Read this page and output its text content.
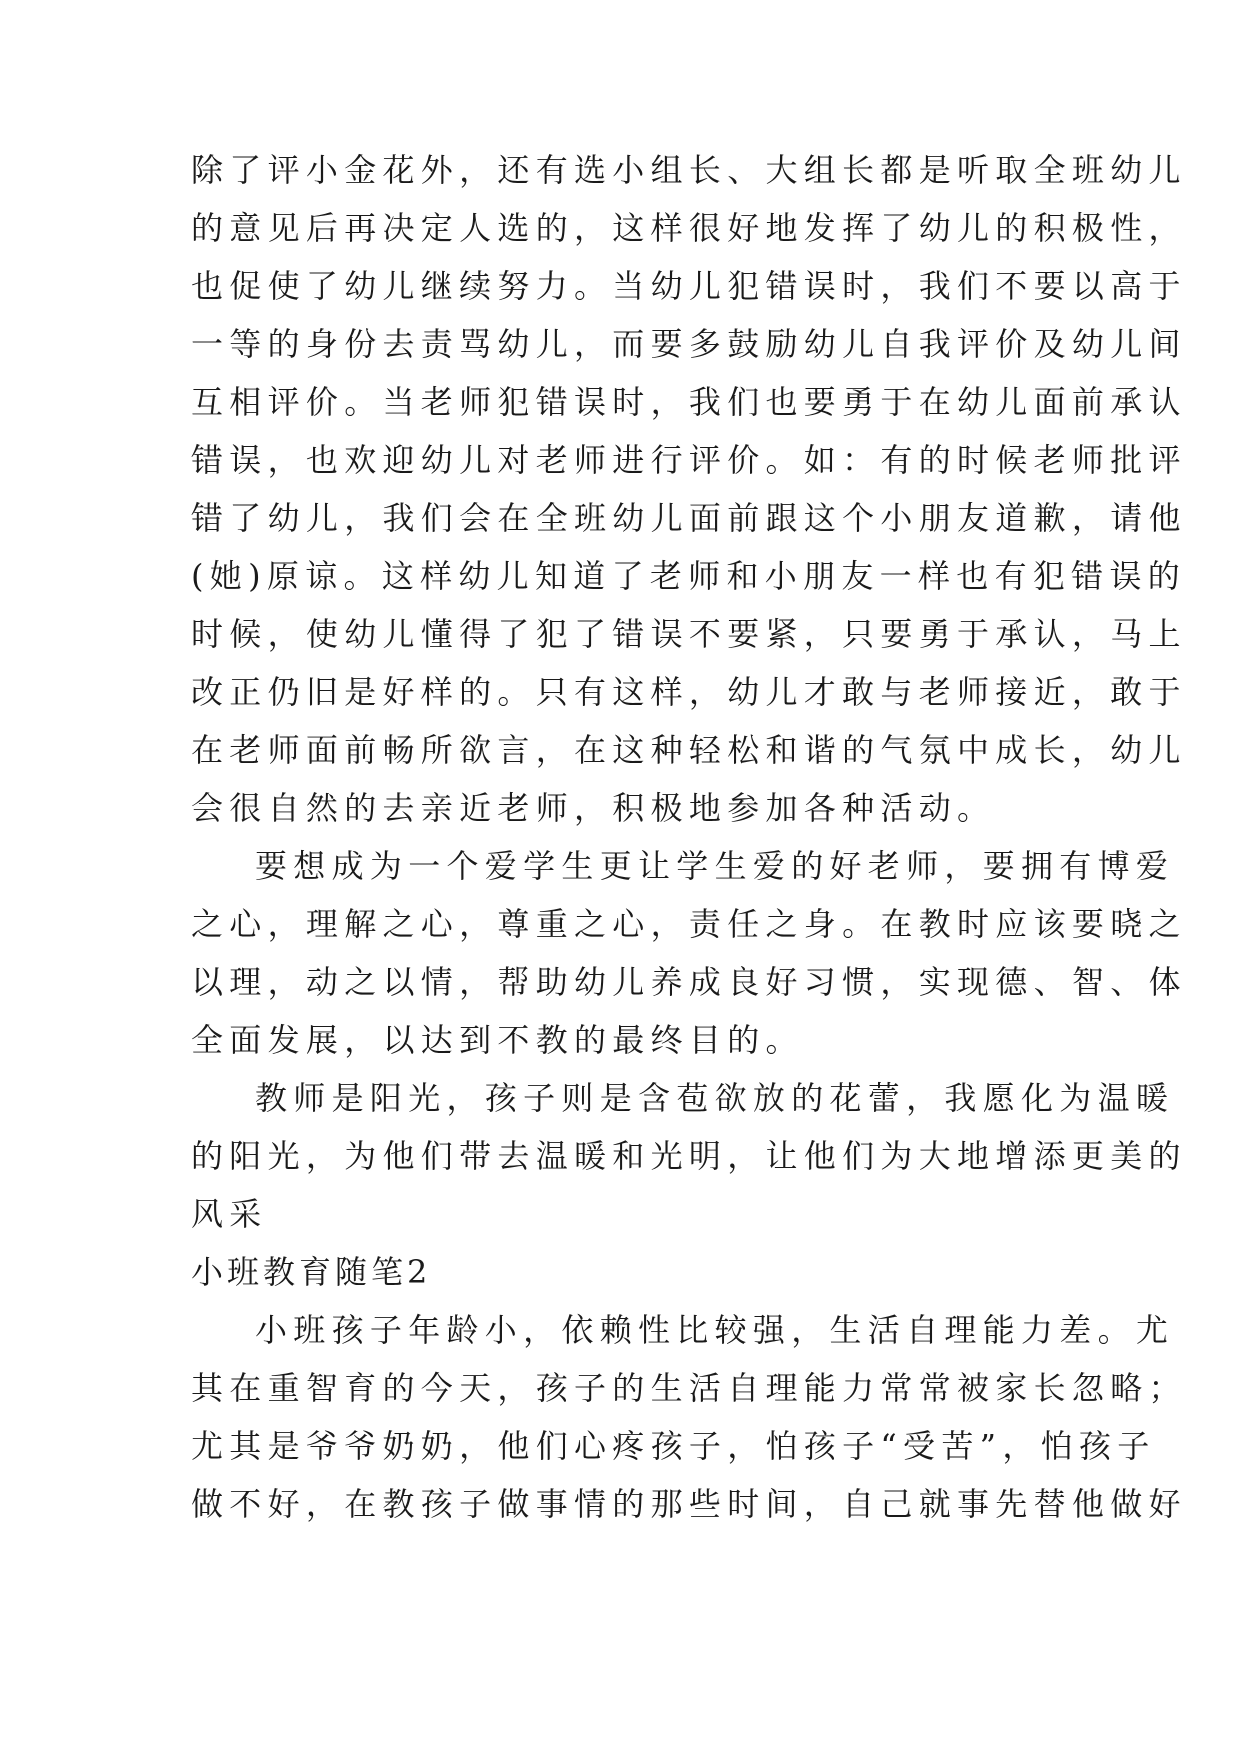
除了评小金花外，还有选小组长、大组长都是听取全班幼儿
的意见后再决定人选的，这样很好地发挥了幼儿的积极性，
也促使了幼儿继续努力。当幼儿犯错误时，我们不要以高于
一等的身份去责骂幼儿，而要多鼓励幼儿自我评价及幼儿间
互相评价。当老师犯错误时，我们也要勇于在幼儿面前承认
错误，也欢迎幼儿对老师进行评价。如：有的时候老师批评
错了幼儿，我们会在全班幼儿面前跟这个小朋友道歉，请他
(她)原谅。这样幼儿知道了老师和小朋友一样也有犯错误的
时候，使幼儿懂得了犯了错误不要紧，只要勇于承认，马上
改正仍旧是好样的。只有这样，幼儿才敢与老师接近，敢于
在老师面前畅所欲言，在这种轻松和谐的气氛中成长，幼儿
会很自然的去亲近老师，积极地参加各种活动。
要想成为一个爱学生更让学生爱的好老师，要拥有博爱
之心，理解之心，尊重之心，责任之身。在教时应该要晓之
以理，动之以情，帮助幼儿养成良好习惯，实现德、智、体
全面发展，以达到不教的最终目的。
教师是阳光，孩子则是含苞欲放的花蕾，我愿化为温暖
的阳光，为他们带去温暖和光明，让他们为大地增添更美的
风采
小班教育随笔2
小班孩子年龄小，依赖性比较强，生活自理能力差。尤
其在重智育的今天，孩子的生活自理能力常常被家长忽略；
尤其是爷爷奶奶，他们心疼孩子，怕孩子“受苦”，怕孩子
做不好，在教孩子做事情的那些时间，自己就事先替他做好
